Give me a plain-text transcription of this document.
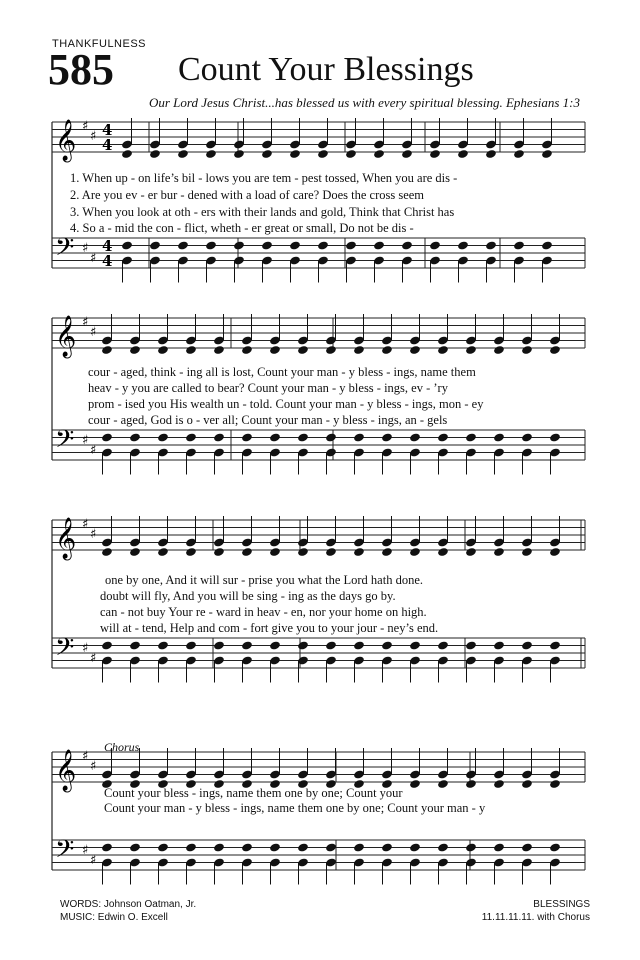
THANKFULNESS
585 Count Your Blessings
Our Lord Jesus Christ...has blessed us with every spiritual blessing. Ephesians 1:3
𝄞
𝄢
♯
♯
♯
♯
4
4
4
4
𝄞
𝄢
♯
♯
♯
♯
𝄞
𝄢
♯
♯
♯
♯
𝄞
𝄢
♯
♯
♯
♯
1. When up - on life’s bil - lows you are tem - pest tossed, When you are dis -
2. Are you ev - er bur - dened with a load of care? Does the cross seem
3. When you look at oth - ers with their lands and gold, Think that Christ has
4. So a - mid the con - flict, wheth - er great or small, Do not be dis -
cour - aged, think - ing all is lost, Count your man - y bless - ings, name them
heav - y you are called to bear? Count your man - y bless - ings, ev - ’ry
prom - ised you His wealth un - told. Count your man - y bless - ings, mon - ey
cour - aged, God is o - ver all; Count your man - y bless - ings, an - gels
one by one, And it will sur - prise you what the Lord hath done.
doubt will fly, And you will be sing - ing as the days go by.
can - not buy Your re - ward in heav - en, nor your home on high.
will at - tend, Help and com - fort give you to your jour - ney’s end.
Chorus
Count your bless - ings, name them one by one; Count your
Count your man - y bless - ings, name them one by one; Count your man - y
WORDS: Johnson Oatman, Jr.
MUSIC: Edwin O. Excell
BLESSINGS
11.11.11.11. with Chorus
